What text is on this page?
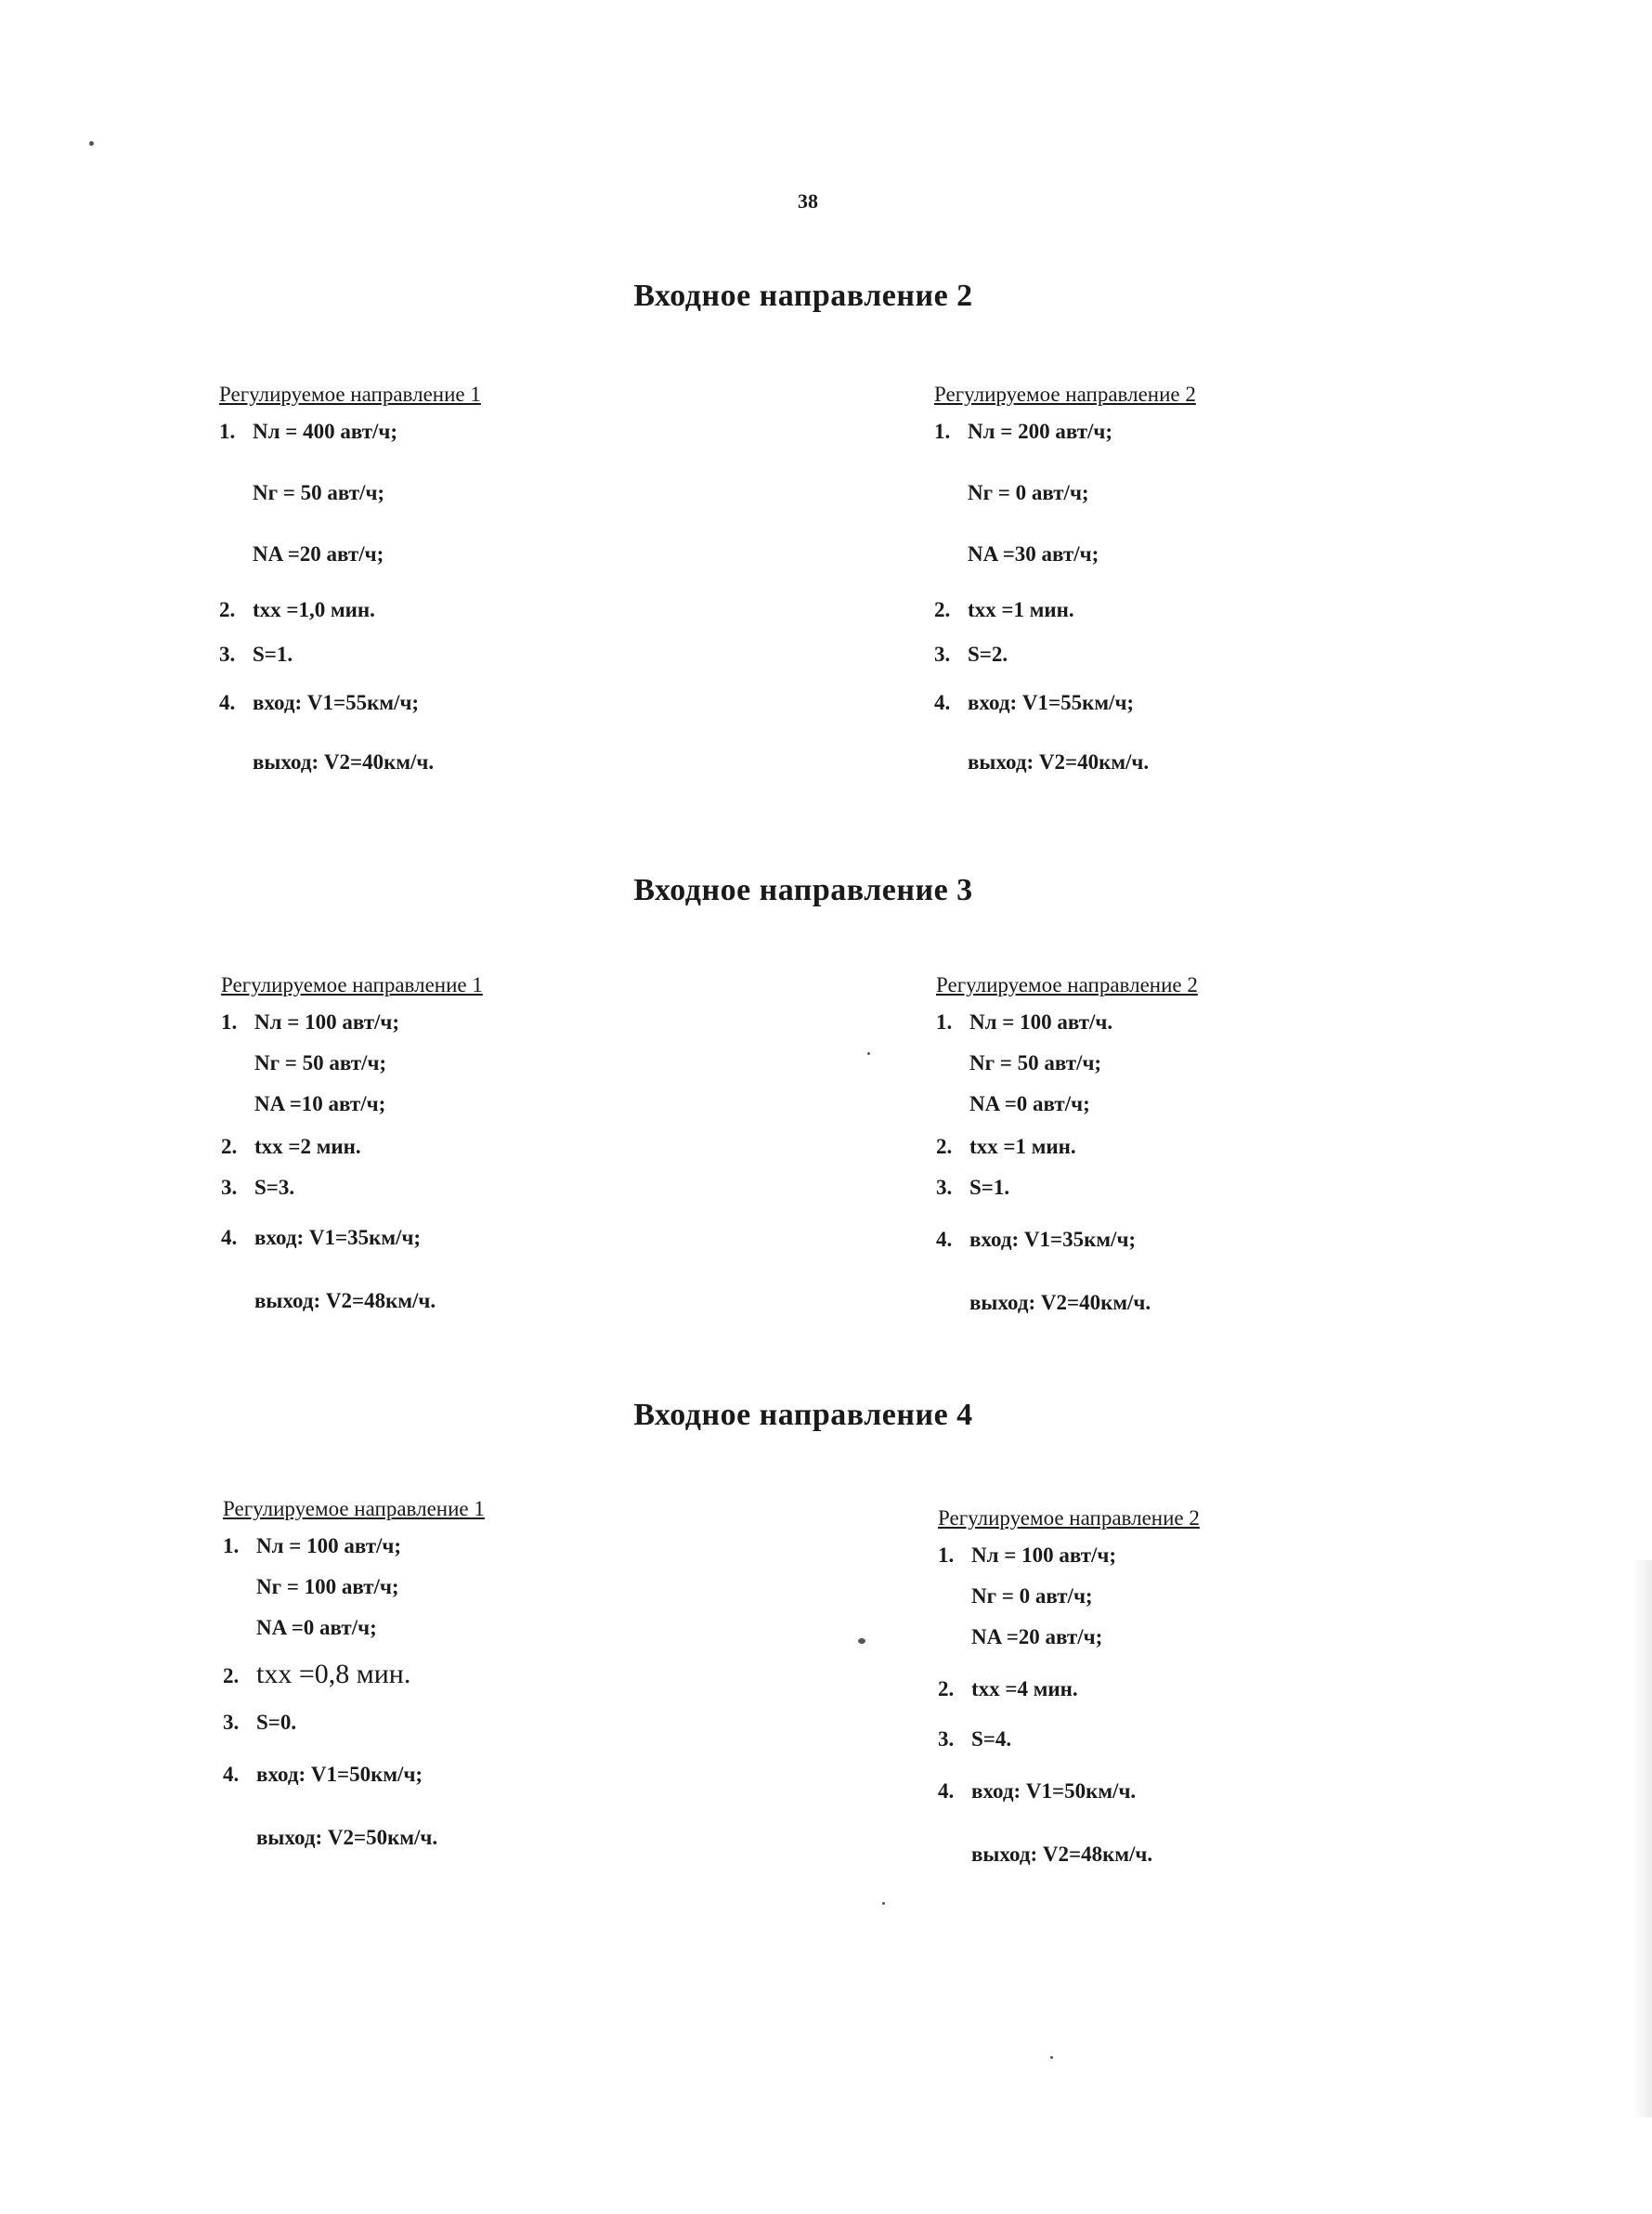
38
Входное направление 2
Регулируемое направление 1
1. Nл = 400 авт/ч;
Nг = 50 авт/ч;
NA =20 авт/ч;
2. tхх =1,0 мин.
3. S=1.
4. вход: V1=55км/ч;
выход: V2=40км/ч.
Регулируемое направление 2
1. Nл = 200 авт/ч;
Nг = 0 авт/ч;
NA =30 авт/ч;
2. tхх =1 мин.
3. S=2.
4. вход: V1=55км/ч;
выход: V2=40км/ч.
Входное направление 3
Регулируемое направление 1
1. Nл = 100 авт/ч;
Nг = 50 авт/ч;
NA =10 авт/ч;
2. tхх =2 мин.
3. S=3.
4. вход: V1=35км/ч;
выход: V2=48км/ч.
Регулируемое направление 2
1. Nл = 100 авт/ч.
Nг = 50 авт/ч;
NA =0 авт/ч;
2. tхх =1 мин.
3. S=1.
4. вход: V1=35км/ч;
выход: V2=40км/ч.
Входное направление 4
Регулируемое направление 1
1. Nл = 100 авт/ч;
Nг = 100 авт/ч;
NA =0 авт/ч;
2. tхх =0,8 мин.
3. S=0.
4. вход: V1=50км/ч;
выход: V2=50км/ч.
Регулируемое направление 2
1. Nл = 100 авт/ч;
Nг = 0 авт/ч;
NA =20 авт/ч;
2. tхх =4 мин.
3. S=4.
4. вход: V1=50км/ч.
выход: V2=48км/ч.
